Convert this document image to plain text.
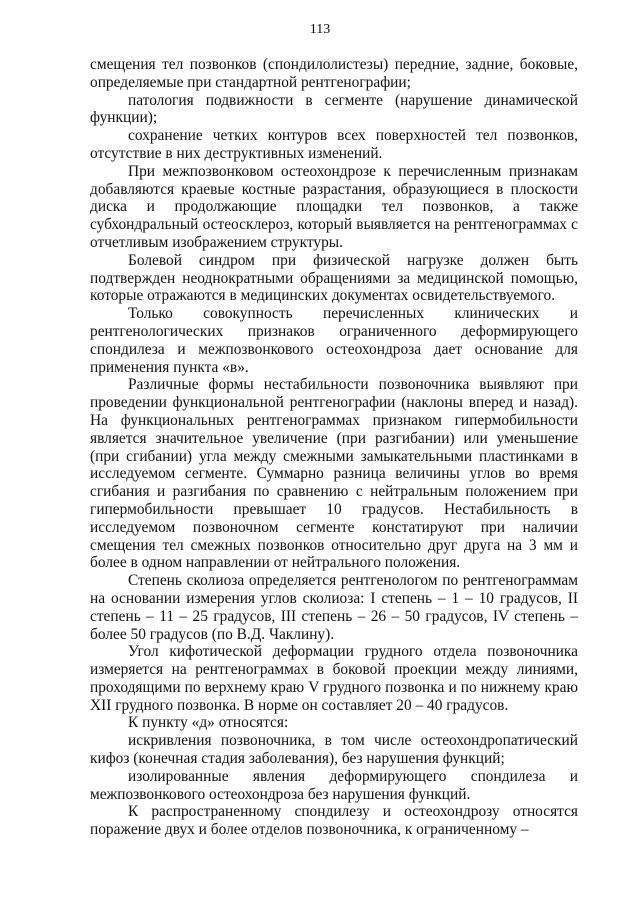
113

смещения тел позвонков (спондилолистезы) передние, задние, боковые, определяемые при стандартной рентгенографии;

патология подвижности в сегменте (нарушение динамической функции);

сохранение четких контуров всех поверхностей тел позвонков, отсутствие в них деструктивных изменений.

При межпозвонковом остеохондрозе к перечисленным признакам добавляются краевые костные разрастания, образующиеся в плоскости диска и продолжающие площадки тел позвонков, а также субхондральный остеосклероз, который выявляется на рентгенограммах с отчетливым изображением структуры.

Болевой синдром при физической нагрузке должен быть подтвержден неоднократными обращениями за медицинской помощью, которые отражаются в медицинских документах освидетельствуемого.

Только совокупность перечисленных клинических и рентгенологических признаков ограниченного деформирующего спондилеза и межпозвонкового остеохондроза дает основание для применения пункта «в».

Различные формы нестабильности позвоночника выявляют при проведении функциональной рентгенографии (наклоны вперед и назад). На функциональных рентгенограммах признаком гипермобильности является значительное увеличение (при разгибании) или уменьшение (при сгибании) угла между смежными замыкательными пластинками в исследуемом сегменте. Суммарно разница величины углов во время сгибания и разгибания по сравнению с нейтральным положением при гипермобильности превышает 10 градусов. Нестабильность в исследуемом позвоночном сегменте констатируют при наличии смещения тел смежных позвонков относительно друг друга на 3 мм и более в одном направлении от нейтрального положения.

Степень сколиоза определяется рентгенологом по рентгенограммам на основании измерения углов сколиоза: I степень – 1 – 10 градусов, II степень – 11 – 25 градусов, III степень – 26 – 50 градусов, IV степень – более 50 градусов (по В.Д. Чаклину).

Угол кифотической деформации грудного отдела позвоночника измеряется на рентгенограммах в боковой проекции между линиями, проходящими по верхнему краю V грудного позвонка и по нижнему краю XII грудного позвонка. В норме он составляет 20 – 40 градусов.

К пункту «д» относятся:

искривления позвоночника, в том числе остеохондропатический кифоз (конечная стадия заболевания), без нарушения функций;

изолированные явления деформирующего спондилеза и межпозвонкового остеохондроза без нарушения функций.

К распространенному спондилезу и остеохондрозу относятся поражение двух и более отделов позвоночника, к ограниченному –
